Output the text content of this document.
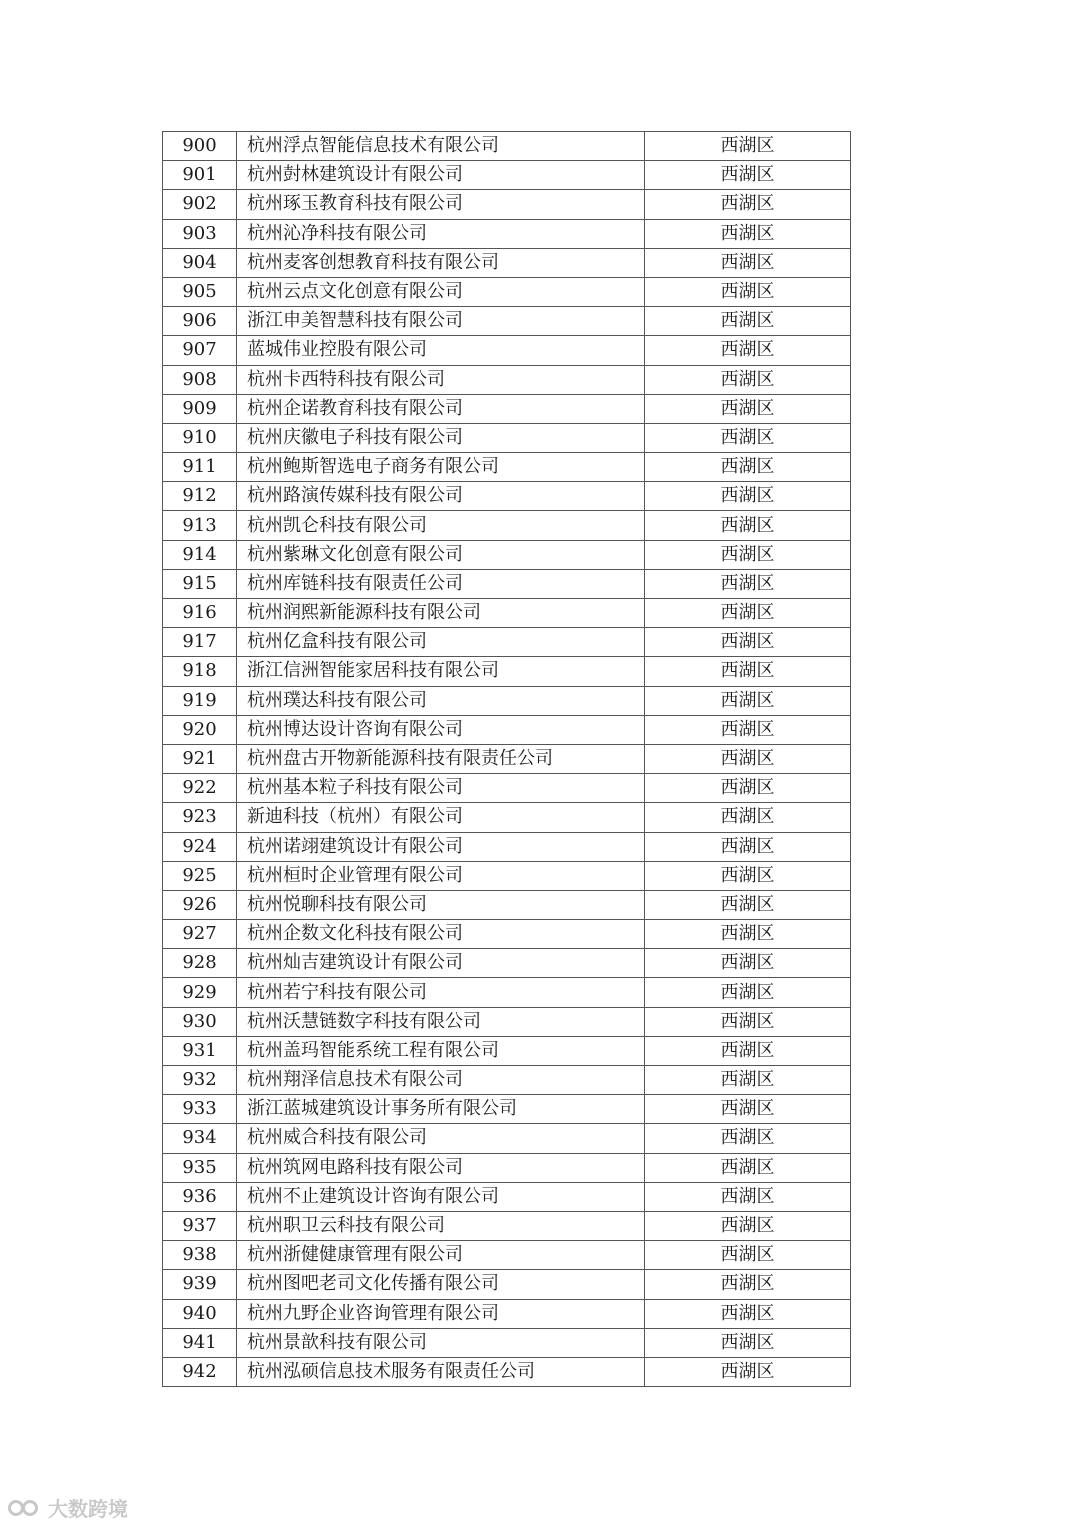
900	杭州浮点智能信息技术有限公司	西湖区
901	杭州尌林建筑设计有限公司	西湖区
902	杭州琢玉教育科技有限公司	西湖区
903	杭州沁净科技有限公司	西湖区
904	杭州麦客创想教育科技有限公司	西湖区
905	杭州云点文化创意有限公司	西湖区
906	浙江申美智慧科技有限公司	西湖区
907	蓝城伟业控股有限公司	西湖区
908	杭州卡西特科技有限公司	西湖区
909	杭州企诺教育科技有限公司	西湖区
910	杭州庆徽电子科技有限公司	西湖区
911	杭州鲍斯智选电子商务有限公司	西湖区
912	杭州路演传媒科技有限公司	西湖区
913	杭州凯仑科技有限公司	西湖区
914	杭州紫琳文化创意有限公司	西湖区
915	杭州库链科技有限责任公司	西湖区
916	杭州润熙新能源科技有限公司	西湖区
917	杭州亿盒科技有限公司	西湖区
918	浙江信洲智能家居科技有限公司	西湖区
919	杭州璞达科技有限公司	西湖区
920	杭州博达设计咨询有限公司	西湖区
921	杭州盘古开物新能源科技有限责任公司	西湖区
922	杭州基本粒子科技有限公司	西湖区
923	新迪科技（杭州）有限公司	西湖区
924	杭州诺翊建筑设计有限公司	西湖区
925	杭州桓时企业管理有限公司	西湖区
926	杭州悦聊科技有限公司	西湖区
927	杭州企数文化科技有限公司	西湖区
928	杭州灿吉建筑设计有限公司	西湖区
929	杭州若宁科技有限公司	西湖区
930	杭州沃慧链数字科技有限公司	西湖区
931	杭州盖玛智能系统工程有限公司	西湖区
932	杭州翔泽信息技术有限公司	西湖区
933	浙江蓝城建筑设计事务所有限公司	西湖区
934	杭州威合科技有限公司	西湖区
935	杭州筑网电路科技有限公司	西湖区
936	杭州不止建筑设计咨询有限公司	西湖区
937	杭州职卫云科技有限公司	西湖区
938	杭州浙健健康管理有限公司	西湖区
939	杭州图吧老司文化传播有限公司	西湖区
940	杭州九野企业咨询管理有限公司	西湖区
941	杭州景歆科技有限公司	西湖区
942	杭州泓硕信息技术服务有限责任公司	西湖区
大数跨境
